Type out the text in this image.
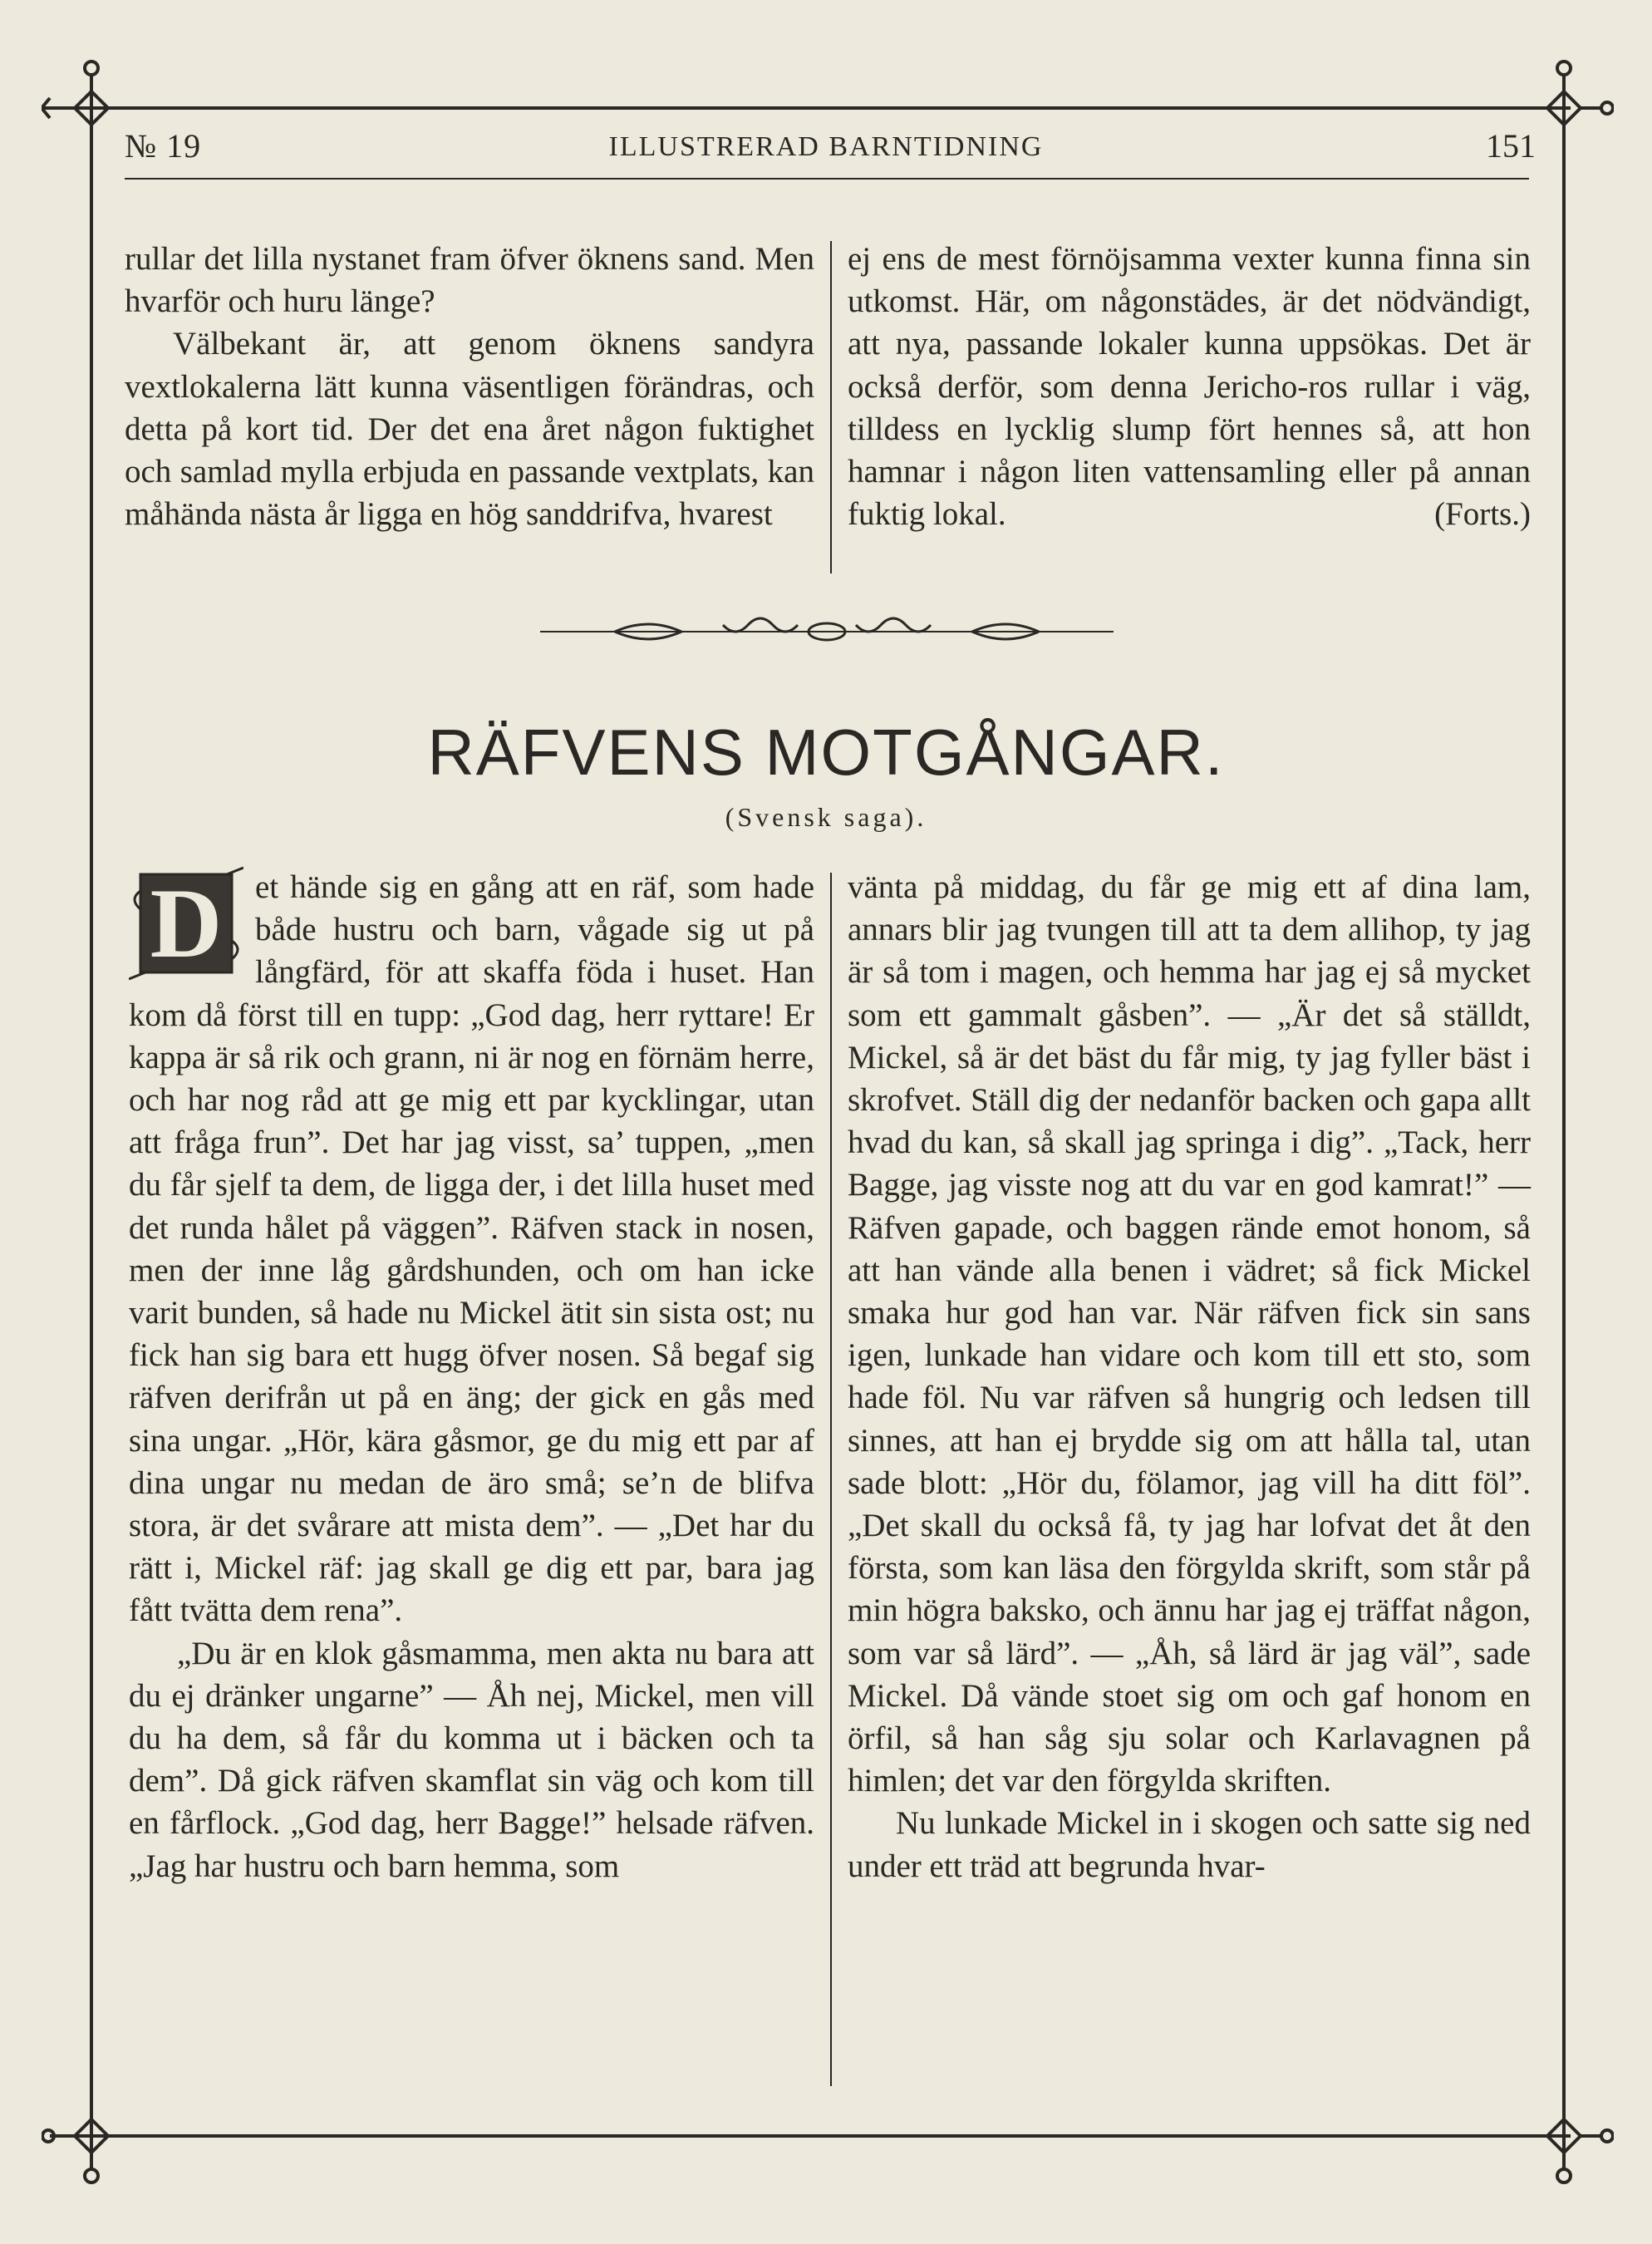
№ 19	ILLUSTRERAD BARNTIDNING	151

rullar det lilla nystanet fram öfver öknens sand. Men hvarför och huru länge?

Välbekant är, att genom öknens sandyra vextlokalerna lätt kunna väsentligen förändras, och detta på kort tid. Der det ena året någon fuktighet och samlad mylla erbjuda en passande vextplats, kan måhända nästa år ligga en hög sanddrifva, hvarest

ej ens de mest förnöjsamma vexter kunna finna sin utkomst. Här, om någonstädes, är det nödvändigt, att nya, passande lokaler kunna uppsökas. Det är också derför, som denna Jericho-ros rullar i väg, tilldess en lycklig slump fört hennes så, att hon hamnar i någon liten vattensamling eller på annan fuktig lokal.	(Forts.)

RÄFVENS MOTGÅNGAR.
(Svensk saga).

D	et hände sig en gång att en räf, som hade både hustru och barn, vågade sig ut på långfärd, för att skaffa föda i huset. Han kom då först till en tupp: „God dag, herr ryttare! Er kappa är så rik och grann, ni är nog en förnäm herre, och har nog råd att ge mig ett par kycklingar, utan att fråga frun”. Det har jag visst, sa’ tuppen, „men du får sjelf ta dem, de ligga der, i det lilla huset med det runda hålet på väggen”. Räfven stack in nosen, men der inne låg gårdshunden, och om han icke varit bunden, så hade nu Mickel ätit sin sista ost; nu fick han sig bara ett hugg öfver nosen. Så begaf sig räfven derifrån ut på en äng; der gick en gås med sina ungar. „Hör, kära gåsmor, ge du mig ett par af dina ungar nu medan de äro små; se’n de blifva stora, är det svårare att mista dem”. — „Det har du rätt i, Mickel räf: jag skall ge dig ett par, bara jag fått tvätta dem rena”.

„Du är en klok gåsmamma, men akta nu bara att du ej dränker ungarne” — Åh nej, Mickel, men vill du ha dem, så får du komma ut i bäcken och ta dem”. Då gick räfven skamflat sin väg och kom till en fårflock. „God dag, herr Bagge!” helsade räfven. „Jag har hustru och barn hemma, som

vänta på middag, du får ge mig ett af dina lam, annars blir jag tvungen till att ta dem allihop, ty jag är så tom i magen, och hemma har jag ej så mycket som ett gammalt gåsben”. — „Är det så ställdt, Mickel, så är det bäst du får mig, ty jag fyller bäst i skrofvet. Ställ dig der nedanför backen och gapa allt hvad du kan, så skall jag springa i dig”. „Tack, herr Bagge, jag visste nog att du var en god kamrat!” — Räfven gapade, och baggen rände emot honom, så att han vände alla benen i vädret; så fick Mickel smaka hur god han var. När räfven fick sin sans igen, lunkade han vidare och kom till ett sto, som hade föl. Nu var räfven så hungrig och ledsen till sinnes, att han ej brydde sig om att hålla tal, utan sade blott: „Hör du, fölamor, jag vill ha ditt föl”. „Det skall du också få, ty jag har lofvat det åt den första, som kan läsa den förgylda skrift, som står på min högra baksko, och ännu har jag ej träffat någon, som var så lärd”. — „Åh, så lärd är jag väl”, sade Mickel. Då vände stoet sig om och gaf honom en örfil, så han såg sju solar och Karlavagnen på himlen; det var den förgylda skriften.

Nu lunkade Mickel in i skogen och satte sig ned under ett träd att begrunda hvar-
